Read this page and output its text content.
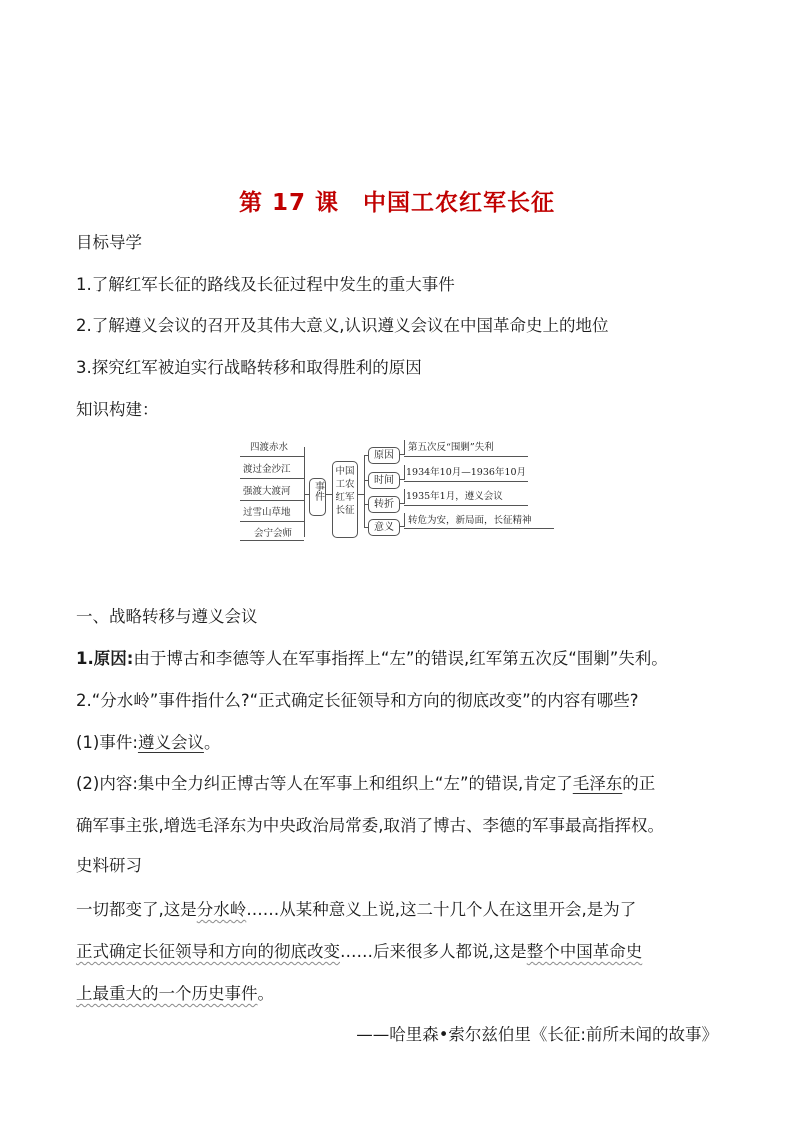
第 17 课　中国工农红军长征
目标导学
1.了解红军长征的路线及长征过程中发生的重大事件
2.了解遵义会议的召开及其伟大意义,认识遵义会议在中国革命史上的地位
3.探究红军被迫实行战略转移和取得胜利的原因
知识构建：
四渡赤水
渡过金沙江
强渡大渡河
过雪山草地
会宁会师
事件
中国工农红军长征
原因
时间
转折
意义
第五次反“围剿”失利
1934年10月—1936年10月
1935年1月，遵义会议
转危为安，新局面，长征精神
一、战略转移与遵义会议
1.原因:由于博古和李德等人在军事指挥上“左”的错误,红军第五次反“围剿”失利。
2.“分水岭”事件指什么?“正式确定长征领导和方向的彻底改变”的内容有哪些?
(1)事件:遵义会议。
(2)内容:集中全力纠正博古等人在军事上和组织上“左”的错误,肯定了毛泽东的正
确军事主张,增选毛泽东为中央政治局常委,取消了博古、李德的军事最高指挥权。
史料研习
一切都变了,这是分水岭……从某种意义上说,这二十几个人在这里开会,是为了
正式确定长征领导和方向的彻底改变……后来很多人都说,这是整个中国革命史
上最重大的一个历史事件。
——哈里森•索尔兹伯里《长征:前所未闻的故事》
